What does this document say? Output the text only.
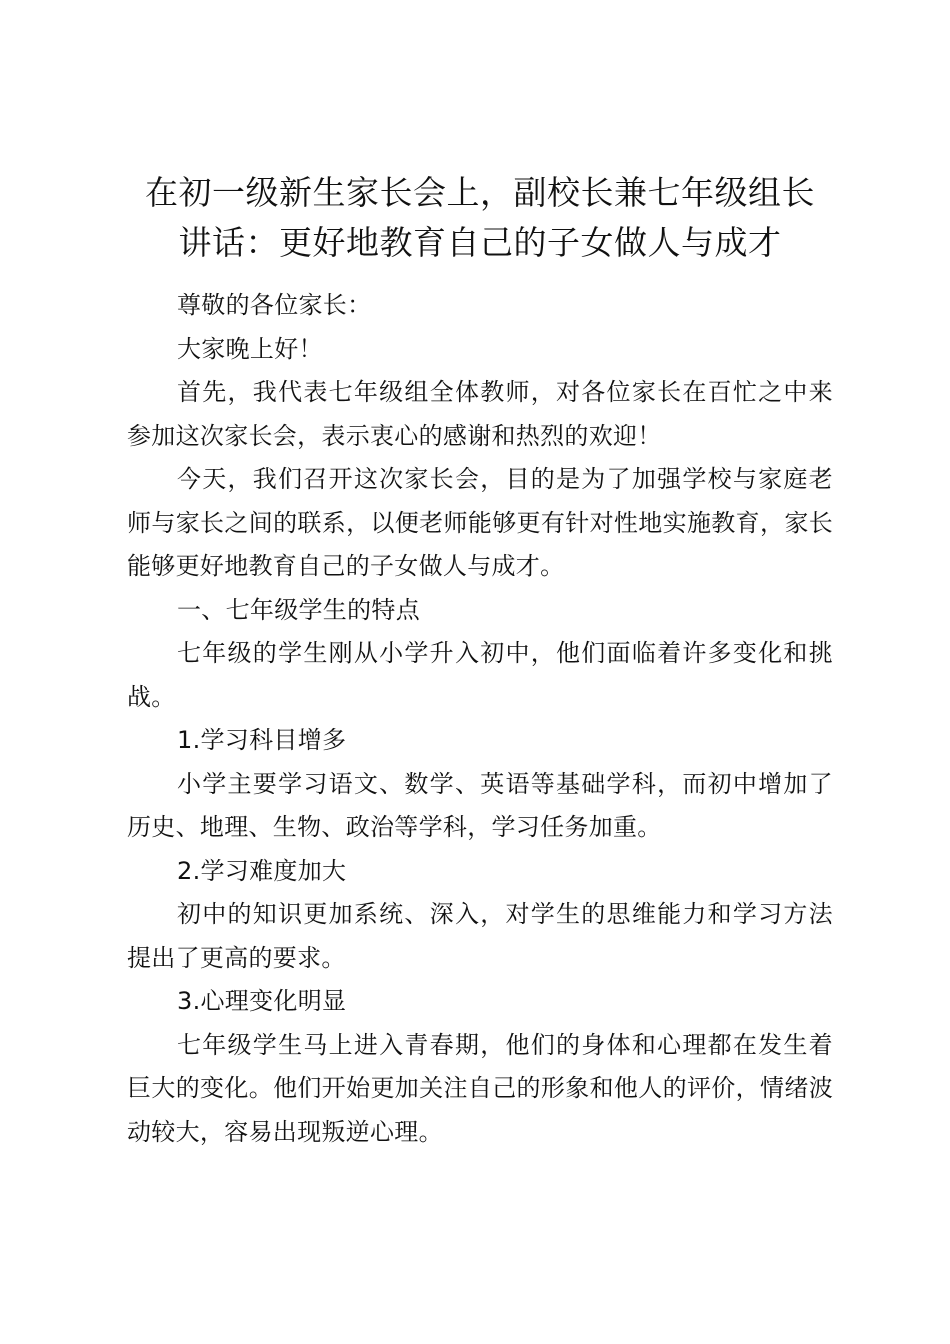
在初一级新生家长会上，副校长兼七年级组长
讲话：更好地教育自己的子女做人与成才

尊敬的各位家长：

大家晚上好！

首先，我代表七年级组全体教师，对各位家长在百忙之中来参加这次家长会，表示衷心的感谢和热烈的欢迎！

今天，我们召开这次家长会，目的是为了加强学校与家庭老师与家长之间的联系，以便老师能够更有针对性地实施教育，家长能够更好地教育自己的子女做人与成才。

一、七年级学生的特点

七年级的学生刚从小学升入初中，他们面临着许多变化和挑战。

1.学习科目增多

小学主要学习语文、数学、英语等基础学科，而初中增加了历史、地理、生物、政治等学科，学习任务加重。

2.学习难度加大

初中的知识更加系统、深入，对学生的思维能力和学习方法提出了更高的要求。

3.心理变化明显

七年级学生马上进入青春期，他们的身体和心理都在发生着巨大的变化。他们开始更加关注自己的形象和他人的评价，情绪波动较大，容易出现叛逆心理。
